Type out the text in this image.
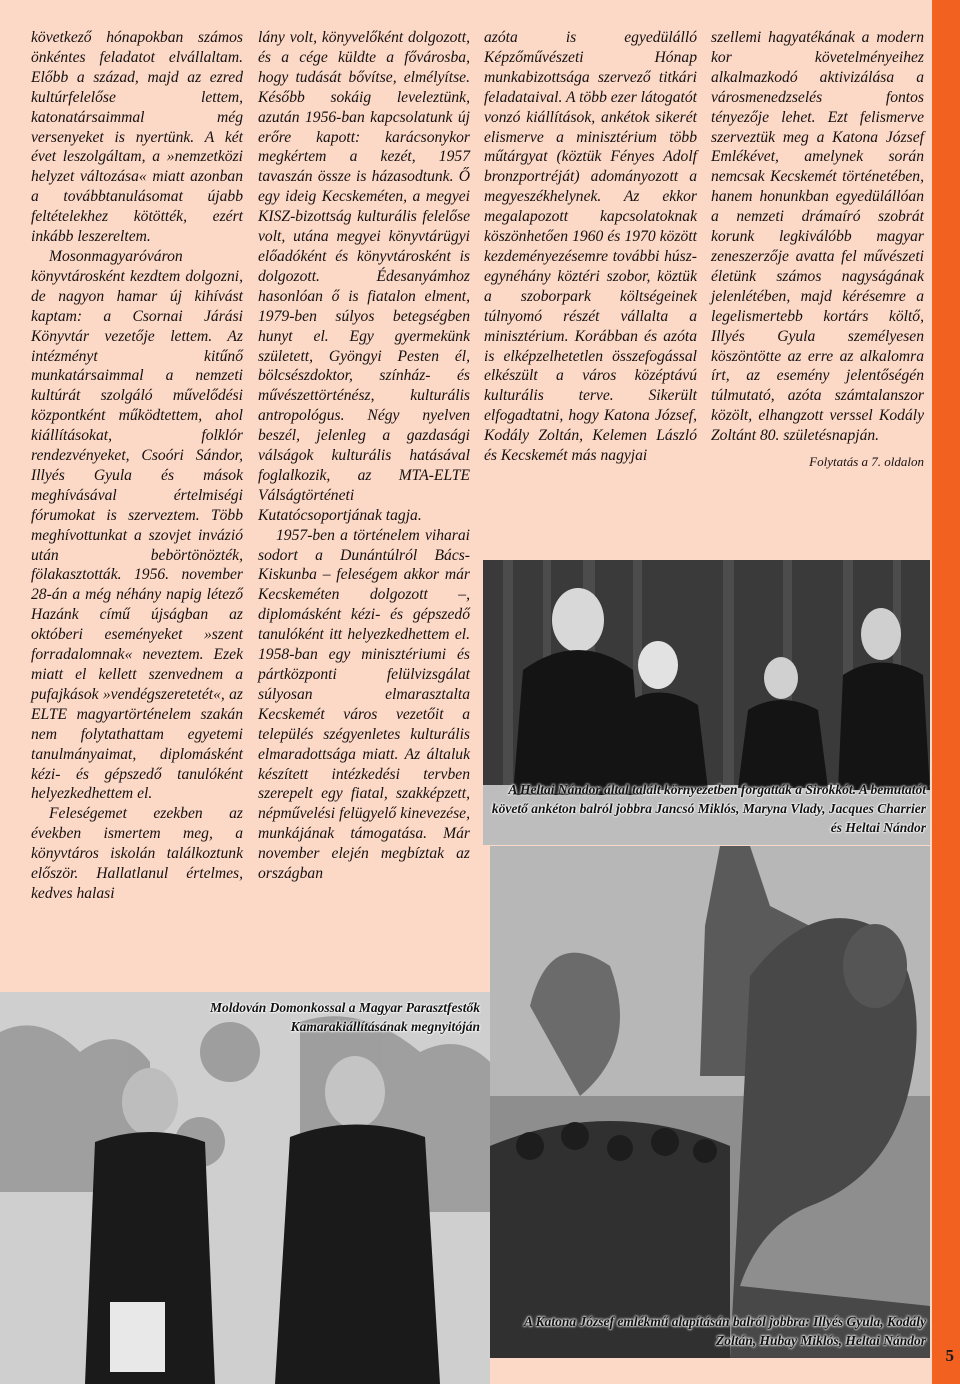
5

következő hónapokban számos önkéntes feladatot elvállaltam. Előbb a század, majd az ezred kultúrfelelőse lettem, katonatársaimmal még versenyeket is nyertünk. A két évet leszolgáltam, a »nemzetközi helyzet változása« miatt azonban a továbbtanulásomat újabb feltételekhez kötötték, ezért inkább leszereltem.

Mosonmagyaróváron könyvtárosként kezdtem dolgozni, de nagyon hamar új kihívást kaptam: a Csornai Járási Könyvtár vezetője lettem. Az intézményt kitűnő munkatársaimmal a nemzeti kultúrát szolgáló művelődési központként működtettem, ahol kiállításokat, folklór rendezvényeket, Csoóri Sándor, Illyés Gyula és mások meghívásával értelmiségi fórumokat is szerveztem. Több meghívottunkat a szovjet invázió után bebörtönözték, fölakasztották. 1956. november 28-án a még néhány napig létező Hazánk című újságban az októberi eseményeket »szent forradalomnak« neveztem. Ezek miatt el kellett szenvednem a pufajkások »vendégszeretetét«, az ELTE magyartörténelem szakán nem folytathattam egyetemi tanulmányaimat, diplomásként kézi- és gépszedő tanulóként helyezkedhettem el.

Feleségemet ezekben az években ismertem meg, a könyvtáros iskolán találkoztunk először. Hallatlanul értelmes, kedves halasi

lány volt, könyvelőként dolgozott, és a cége küldte a fővárosba, hogy tudását bővítse, elmélyítse. Később sokáig leveleztünk, azután 1956-ban kapcsolatunk új erőre kapott: karácsonykor megkértem a kezét, 1957 tavaszán össze is házasodtunk. Ő egy ideig Kecskeméten, a megyei KISZ-bizottság kulturális felelőse volt, utána megyei könyvtárügyi előadóként és könyvtárosként is dolgozott. Édesanyámhoz hasonlóan ő is fiatalon elment, 1979-ben súlyos betegségben hunyt el. Egy gyermekünk született, Gyöngyi Pesten él, bölcsészdoktor, színház- és művészettörténész, kulturális antropológus. Négy nyelven beszél, jelenleg a gazdasági válságok kulturális hatásával foglalkozik, az MTA-ELTE Válságtörténeti Kutatócsoportjának tagja.

1957-ben a történelem viharai sodort a Dunántúlról Bács-Kiskunba – feleségem akkor már Kecskeméten dolgozott –, diplomásként kézi- és gépszedő tanulóként itt helyezkedhettem el. 1958-ban egy minisztériumi és pártközponti felülvizsgálat súlyosan elmarasztalta Kecskemét város vezetőit a település szégyenletes kulturális elmaradottsága miatt. Az általuk készített intézkedési tervben szerepelt egy fiatal, szakképzett, népművelési felügyelő kinevezése, munkájának támogatása. Már november elején megbíztak az országban

azóta is egyedülálló Képzőművészeti Hónap munkabizottsága szervező titkári feladataival. A több ezer látogatót vonzó kiállítások, ankétok sikerét elismerve a minisztérium több műtárgyat (köztük Fényes Adolf bronzportréját) adományozott a megyeszékhelynek. Az ekkor megalapozott kapcsolatoknak köszönhetően 1960 és 1970 között kezdeményezésemre további húsz-egynéhány köztéri szobor, köztük a szoborpark költségeinek túlnyomó részét vállalta a minisztérium. Korábban és azóta is elképzelhetetlen összefogással elkészült a város középtávú kulturális terve. Sikerült elfogadtatni, hogy Katona József, Kodály Zoltán, Kelemen László és Kecskemét más nagyjai

szellemi hagyatékának a modern kor követelményeihez alkalmazkodó aktivizálása a városmenedzselés fontos tényezője lehet. Ezt felismerve szerveztük meg a Katona József Emlékévet, amelynek során nemcsak Kecskemét történetében, hanem honunkban egyedülállóan a nemzeti drámaíró szobrát korunk legkiválóbb magyar zeneszerzője avatta fel művészeti életünk számos nagyságának jelenlétében, majd kérésemre a legelismertebb kortárs költő, Illyés Gyula személyesen köszöntötte az erre az alkalomra írt, az esemény jelentőségén túlmutató, azóta számtalanszor közölt, elhangzott verssel Kodály Zoltánt 80. születésnapján.

Folytatás a 7. oldalon
A Heltai Nándor által talált környezetben forgatták a Sirokkót. A bemutatót követő ankéton balról jobbra Jancsó Miklós, Maryna Vlady, Jacques Charrier és Heltai Nándor
A Katona József emlékmű alapításán balról jobbra: Illyés Gyula, Kodály Zoltán, Hubay Miklós, Heltai Nándor
Moldován Domonkossal a Magyar Parasztfestők Kamarakiállításának megnyitóján
